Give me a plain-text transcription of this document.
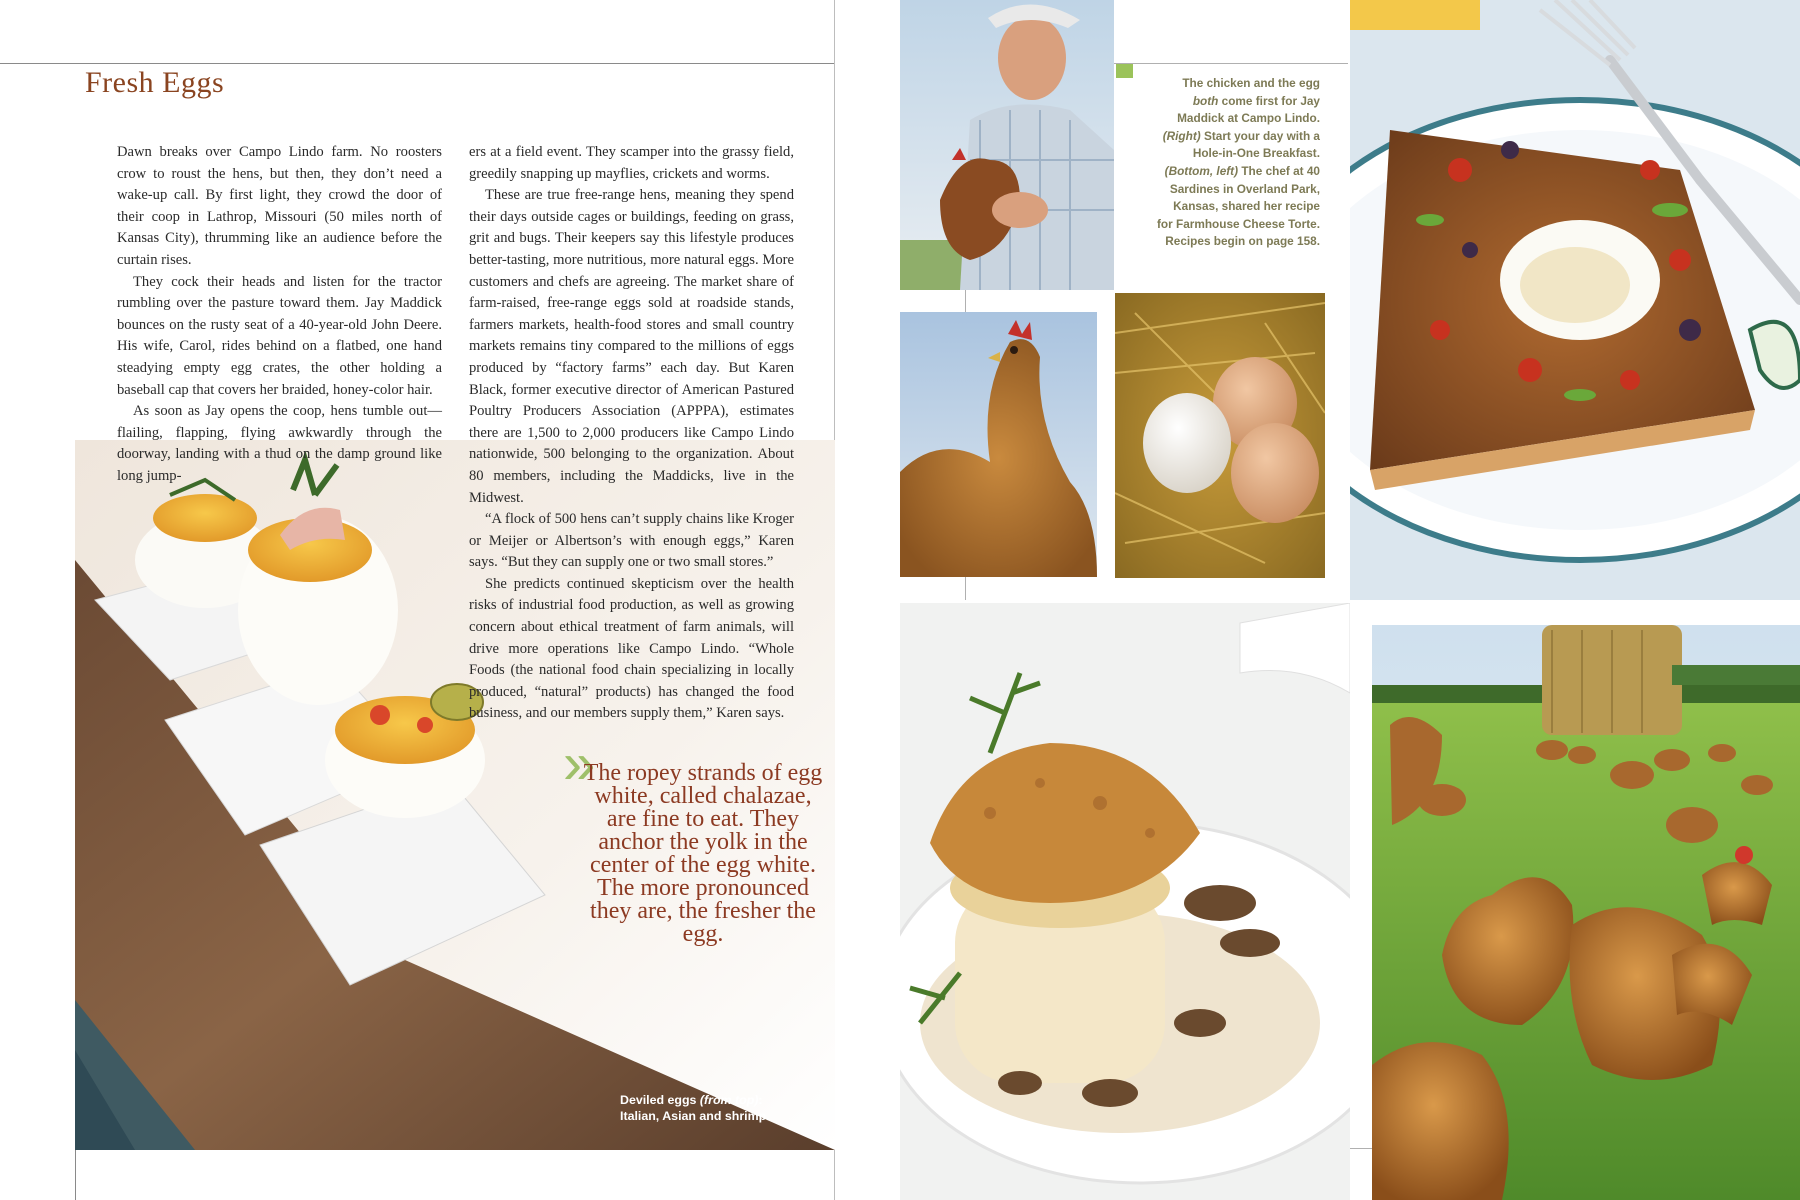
Fresh Eggs

Dawn breaks over Campo Lindo farm. No roosters crow to roust the hens, but then, they don’t need a wake-up call. By first light, they crowd the door of their coop in Lathrop, Missouri (50 miles north of Kansas City), thrumming like an audience before the curtain rises.

They cock their heads and listen for the tractor rumbling over the pasture toward them. Jay Maddick bounces on the rusty seat of a 40-year-old John Deere. His wife, Carol, rides behind on a flatbed, one hand steadying empty egg crates, the other holding a baseball cap that covers her braided, honey-color hair.

As soon as Jay opens the coop, hens tumble out—flailing, flapping, flying awkwardly through the doorway, landing with a thud on the damp ground like long jump-

ers at a field event. They scamper into the grassy field, greedily snapping up mayflies, crickets and worms.

These are true free-range hens, meaning they spend their days outside cages or buildings, feeding on grass, grit and bugs. Their keepers say this lifestyle produces better-tasting, more nutritious, more natural eggs. More customers and chefs are agreeing. The market share of farm-raised, free-range eggs sold at roadside stands, farmers markets, health-food stores and small country markets remains tiny compared to the millions of eggs produced by “factory farms” each day. But Karen Black, former executive director of American Pastured Poultry Producers Association (APPPA), estimates there are 1,500 to 2,000 producers like Campo Lindo nationwide, 500 belonging to the organization. About 80 members, including the Maddicks, live in the Midwest.

“A flock of 500 hens can’t supply chains like Kroger or Meijer or Albertson’s with enough eggs,” Karen says. “But they can supply one or two small stores.”

She predicts continued skepticism over the health risks of industrial food production, as well as growing concern about ethical treatment of farm animals, will drive more operations like Campo Lindo. “Whole Foods (the national food chain specializing in locally produced, “natural” products) has changed the food business, and our members supply them,” Karen says.

» The ropey strands of egg white, called chalazae, are fine to eat. They anchor the yolk in the center of the egg white. The more pronounced they are, the fresher the egg.
Deviled eggs (from top):
Italian, Asian and shrimp.
The chicken and the egg
both come first for Jay
Maddick at Campo Lindo.
(Right) Start your day with a
Hole-in-One Breakfast.
(Bottom, left) The chef at 40
Sardines in Overland Park,
Kansas, shared her recipe
for Farmhouse Cheese Torte.
Recipes begin on page 158.
